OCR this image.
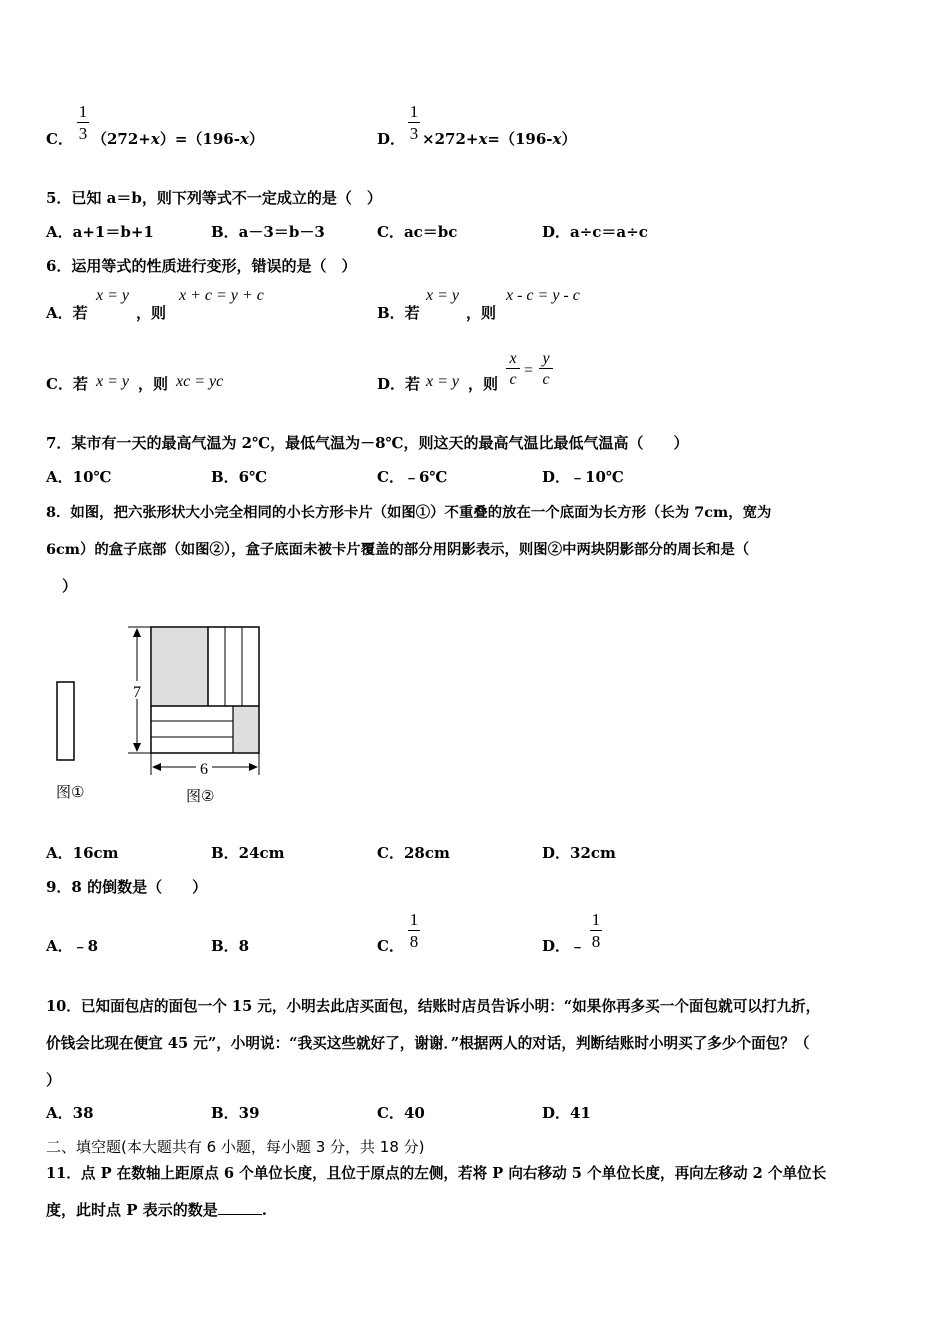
C．
1
3 （272+x）=（196-x）	D．
1
3 ×272+x=（196-x）
5．已知 a＝b，则下列等式不一定成立的是（　）
A．a+1＝b+1	B．a－3＝b－3	C．ac＝bc	D．a÷c＝a÷c
6．运用等式的性质进行变形，错误的是（　）
A．若
x = y
，则
x + c = y + c
B．若
x = y
，则
x - c = y - c
C．若 x = y ，则 xc = yc	D．若 x = y ，则
x
c
=
y
c
7．某市有一天的最高气温为 2℃，最低气温为－8℃，则这天的最高气温比最低气温高（　　）
A．10℃	B．6℃	C．﹣6℃	D．﹣10℃
8．如图，把六张形状大小完全相同的小长方形卡片（如图①）不重叠的放在一个底面为长方形（长为 7cm，宽为
6cm）的盒子底部（如图②），盒子底面未被卡片覆盖的部分用阴影表示，则图②中两块阴影部分的周长和是（
）
图①
7
6
图②
A．16cm	B．24cm	C．28cm	D．32cm
9．8 的倒数是（　　）
A．﹣8	B．8	C．
1
8	D．﹣
1
8
10．已知面包店的面包一个 15 元，小明去此店买面包，结账时店员告诉小明：“如果你再多买一个面包就可以打九折，
价钱会比现在便宜 45 元”，小明说：“我买这些就好了，谢谢．”根据两人的对话，判断结账时小明买了多少个面包？（
）
A．38	B．39	C．40	D．41
二、填空题(本大题共有 6 小题，每小题 3 分，共 18 分)
11．点 P 在数轴上距原点 6 个单位长度，且位于原点的左侧，若将 P 向右移动 5 个单位长度，再向左移动 2 个单位长
度，此时点 P 表示的数是	.
